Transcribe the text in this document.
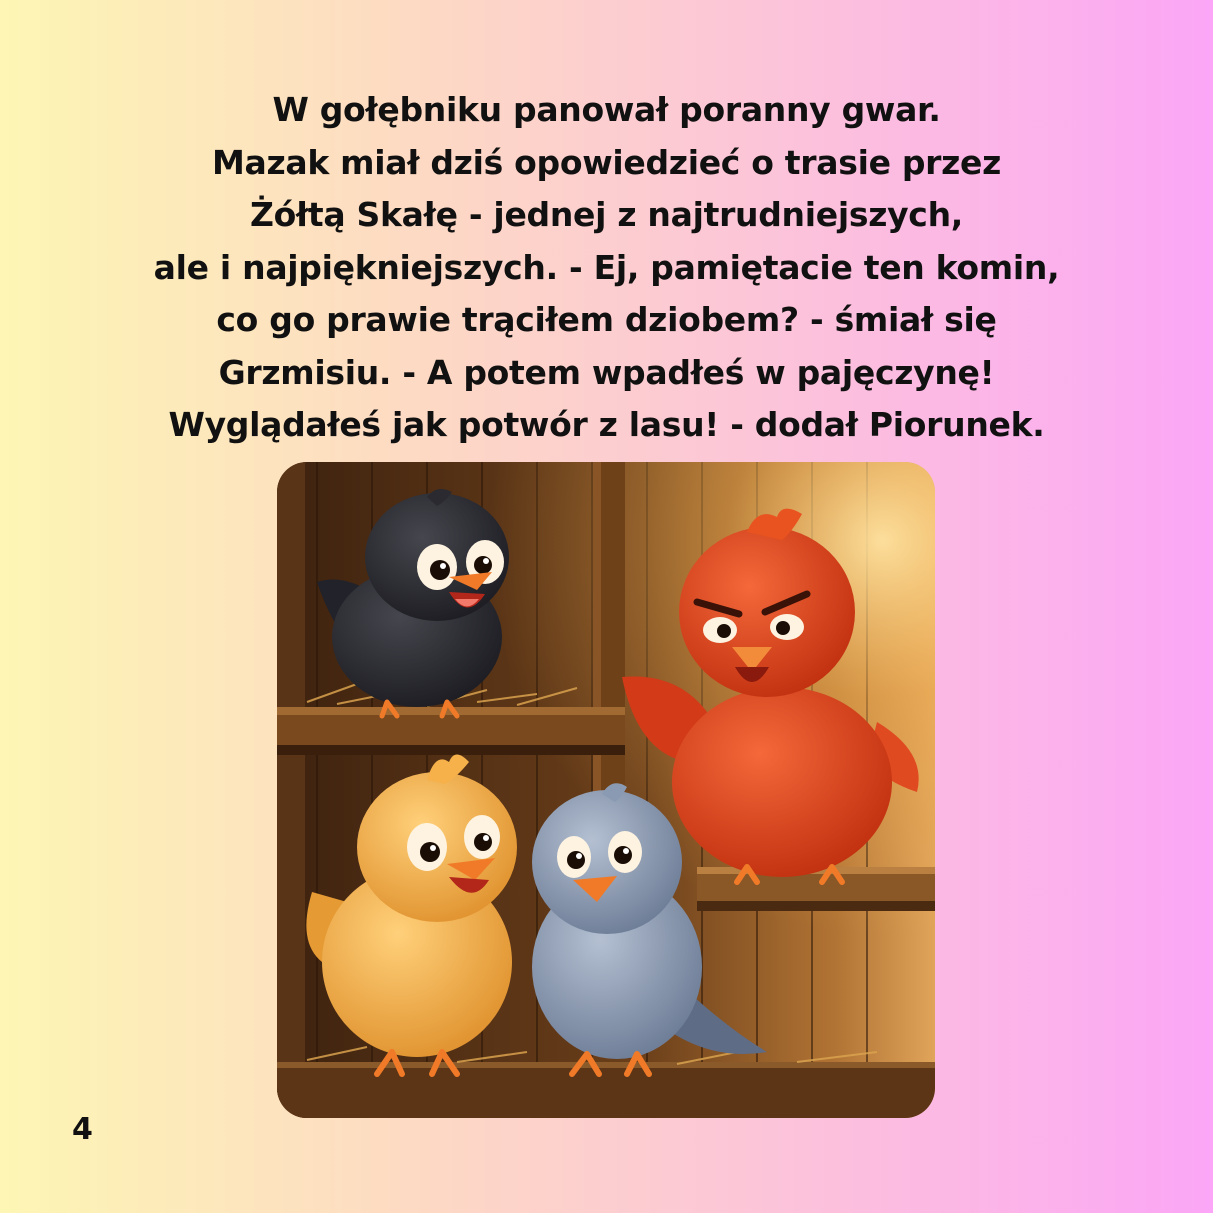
W gołębniku panował poranny gwar.
Mazak miał dziś opowiedzieć o trasie przez
Żółtą Skałę - jednej z najtrudniejszych,
ale i najpiękniejszych. - Ej, pamiętacie ten komin,
co go prawie trąciłem dziobem? - śmiał się
Grzmisiu. - A potem wpadłeś w pajęczynę!
Wyglądałeś jak potwór z lasu! - dodał Piorunek.
4
